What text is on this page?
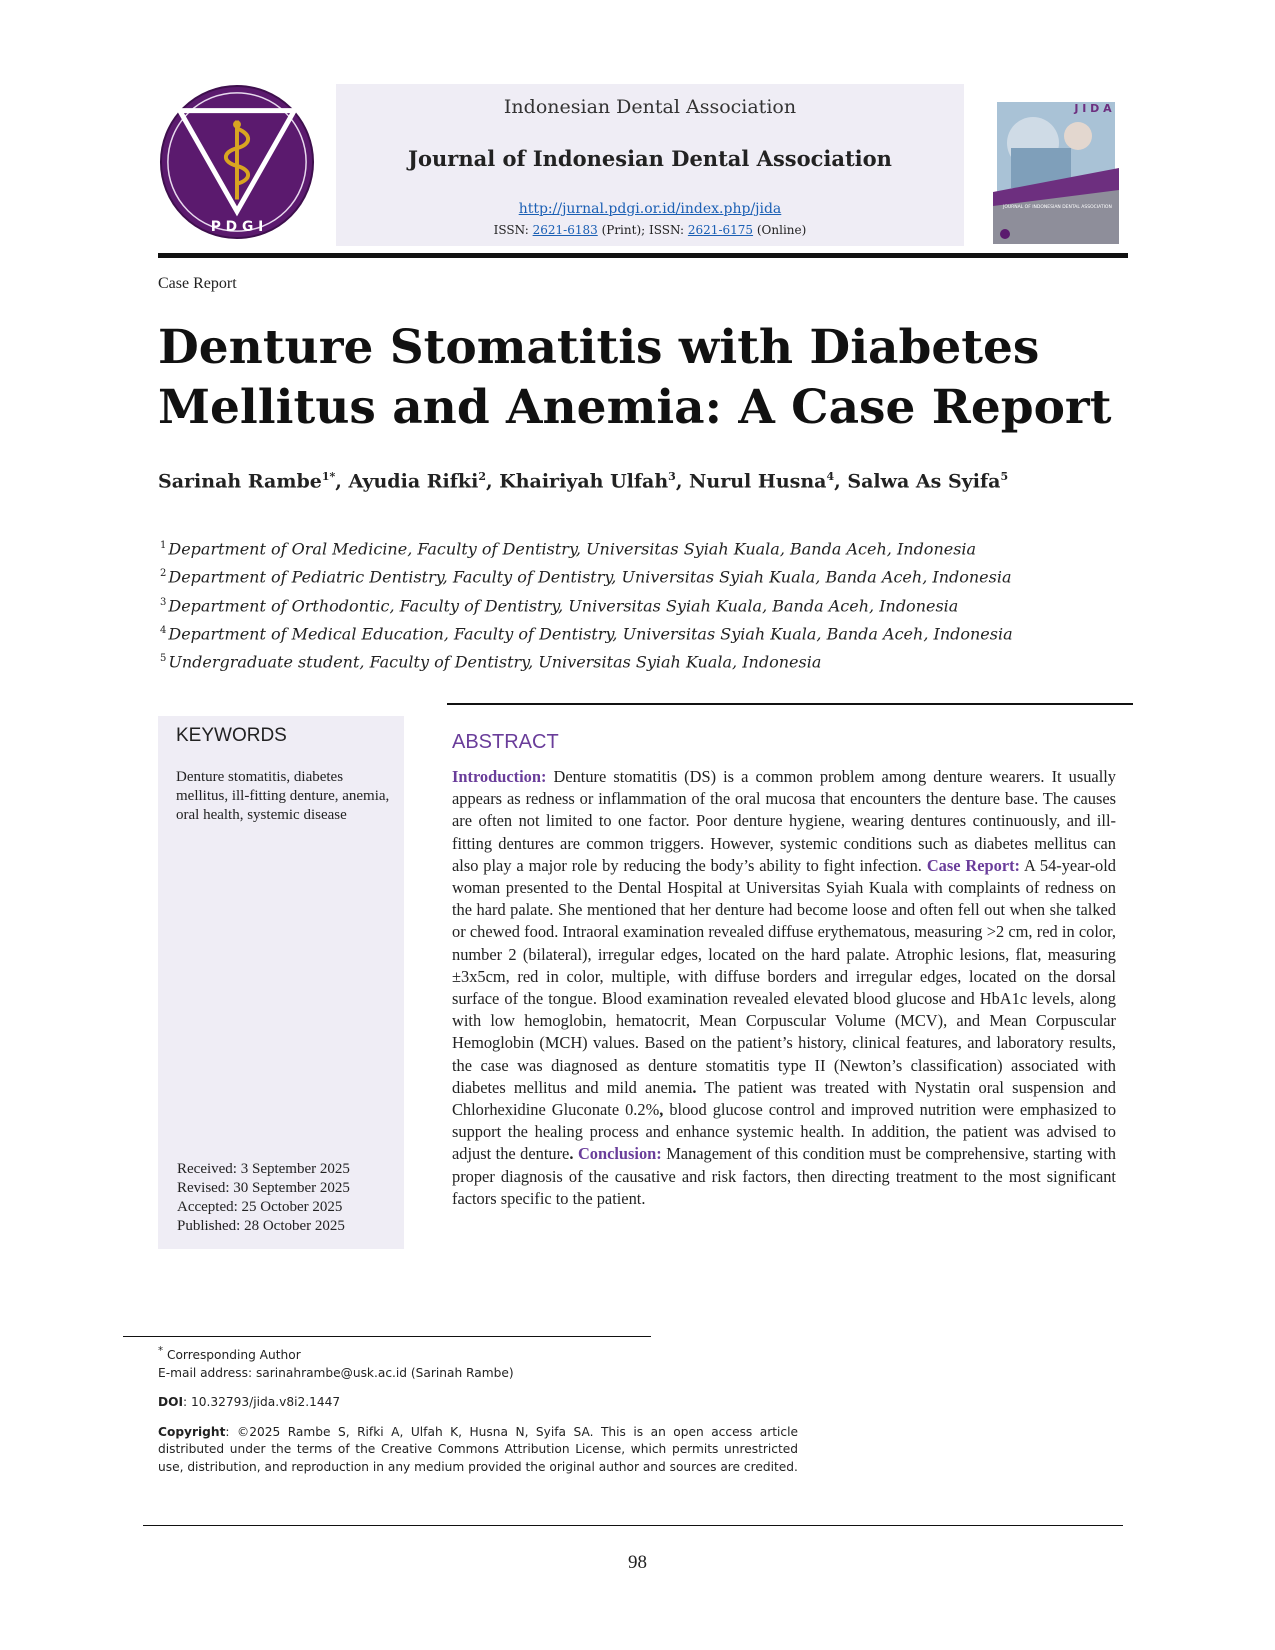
P D G I
Indonesian Dental Association
Journal of Indonesian Dental Association
http://jurnal.pdgi.or.id/index.php/jida
ISSN: 2621-6183 (Print); ISSN: 2621-6175 (Online)
J I D A
JOURNAL OF INDONESIAN DENTAL ASSOCIATION
Case Report
Denture Stomatitis with Diabetes Mellitus and Anemia: A Case Report
Sarinah Rambe$^{1*}$, Ayudia Rifki$^2$, Khairiyah Ulfah$^3$, Nurul Husna$^4$, Salwa As Syifa$^5$
$^1$ Department of Oral Medicine, Faculty of Dentistry, Universitas Syiah Kuala, Banda Aceh, Indonesia
$^2$ Department of Pediatric Dentistry, Faculty of Dentistry, Universitas Syiah Kuala, Banda Aceh, Indonesia
$^3$ Department of Orthodontic, Faculty of Dentistry, Universitas Syiah Kuala, Banda Aceh, Indonesia
$^4$ Department of Medical Education, Faculty of Dentistry, Universitas Syiah Kuala, Banda Aceh, Indonesia
$^5$ Undergraduate student, Faculty of Dentistry, Universitas Syiah Kuala, Indonesia
KEYWORDS
Denture stomatitis, diabetes mellitus, ill-fitting denture, anemia, oral health, systemic disease
Received: 3 September 2025
Revised: 30 September 2025
Accepted: 25 October 2025
Published: 28 October 2025
ABSTRACT
Introduction: Denture stomatitis (DS) is a common problem among denture wearers. It usually appears as redness or inflammation of the oral mucosa that encounters the denture base. The causes are often not limited to one factor. Poor denture hygiene, wearing dentures continuously, and ill-fitting dentures are common triggers. However, systemic conditions such as diabetes mellitus can also play a major role by reducing the body’s ability to fight infection. Case Report: A 54-year-old woman presented to the Dental Hospital at Universitas Syiah Kuala with complaints of redness on the hard palate. She mentioned that her denture had become loose and often fell out when she talked or chewed food. Intraoral examination revealed diffuse erythematous, measuring >2 cm, red in color, number 2 (bilateral), irregular edges, located on the hard palate. Atrophic lesions, flat, measuring ±3x5cm, red in color, multiple, with diffuse borders and irregular edges, located on the dorsal surface of the tongue. Blood examination revealed elevated blood glucose and HbA1c levels, along with low hemoglobin, hematocrit, Mean Corpuscular Volume (MCV), and Mean Corpuscular Hemoglobin (MCH) values. Based on the patient’s history, clinical features, and laboratory results, the case was diagnosed as denture stomatitis type II (Newton’s classification) associated with diabetes mellitus and mild anemia. The patient was treated with Nystatin oral suspension and Chlorhexidine Gluconate 0.2%, blood glucose control and improved nutrition were emphasized to support the healing process and enhance systemic health. In addition, the patient was advised to adjust the denture. Conclusion: Management of this condition must be comprehensive, starting with proper diagnosis of the causative and risk factors, then directing treatment to the most significant factors specific to the patient.
* Corresponding Author
E-mail address: sarinahrambe@usk.ac.id (Sarinah Rambe)
DOI: 10.32793/jida.v8i2.1447
Copyright: ©2025 Rambe S, Rifki A, Ulfah K, Husna N, Syifa SA. This is an open access article distributed under the terms of the Creative Commons Attribution License, which permits unrestricted use, distribution, and reproduction in any medium provided the original author and sources are credited.
98
